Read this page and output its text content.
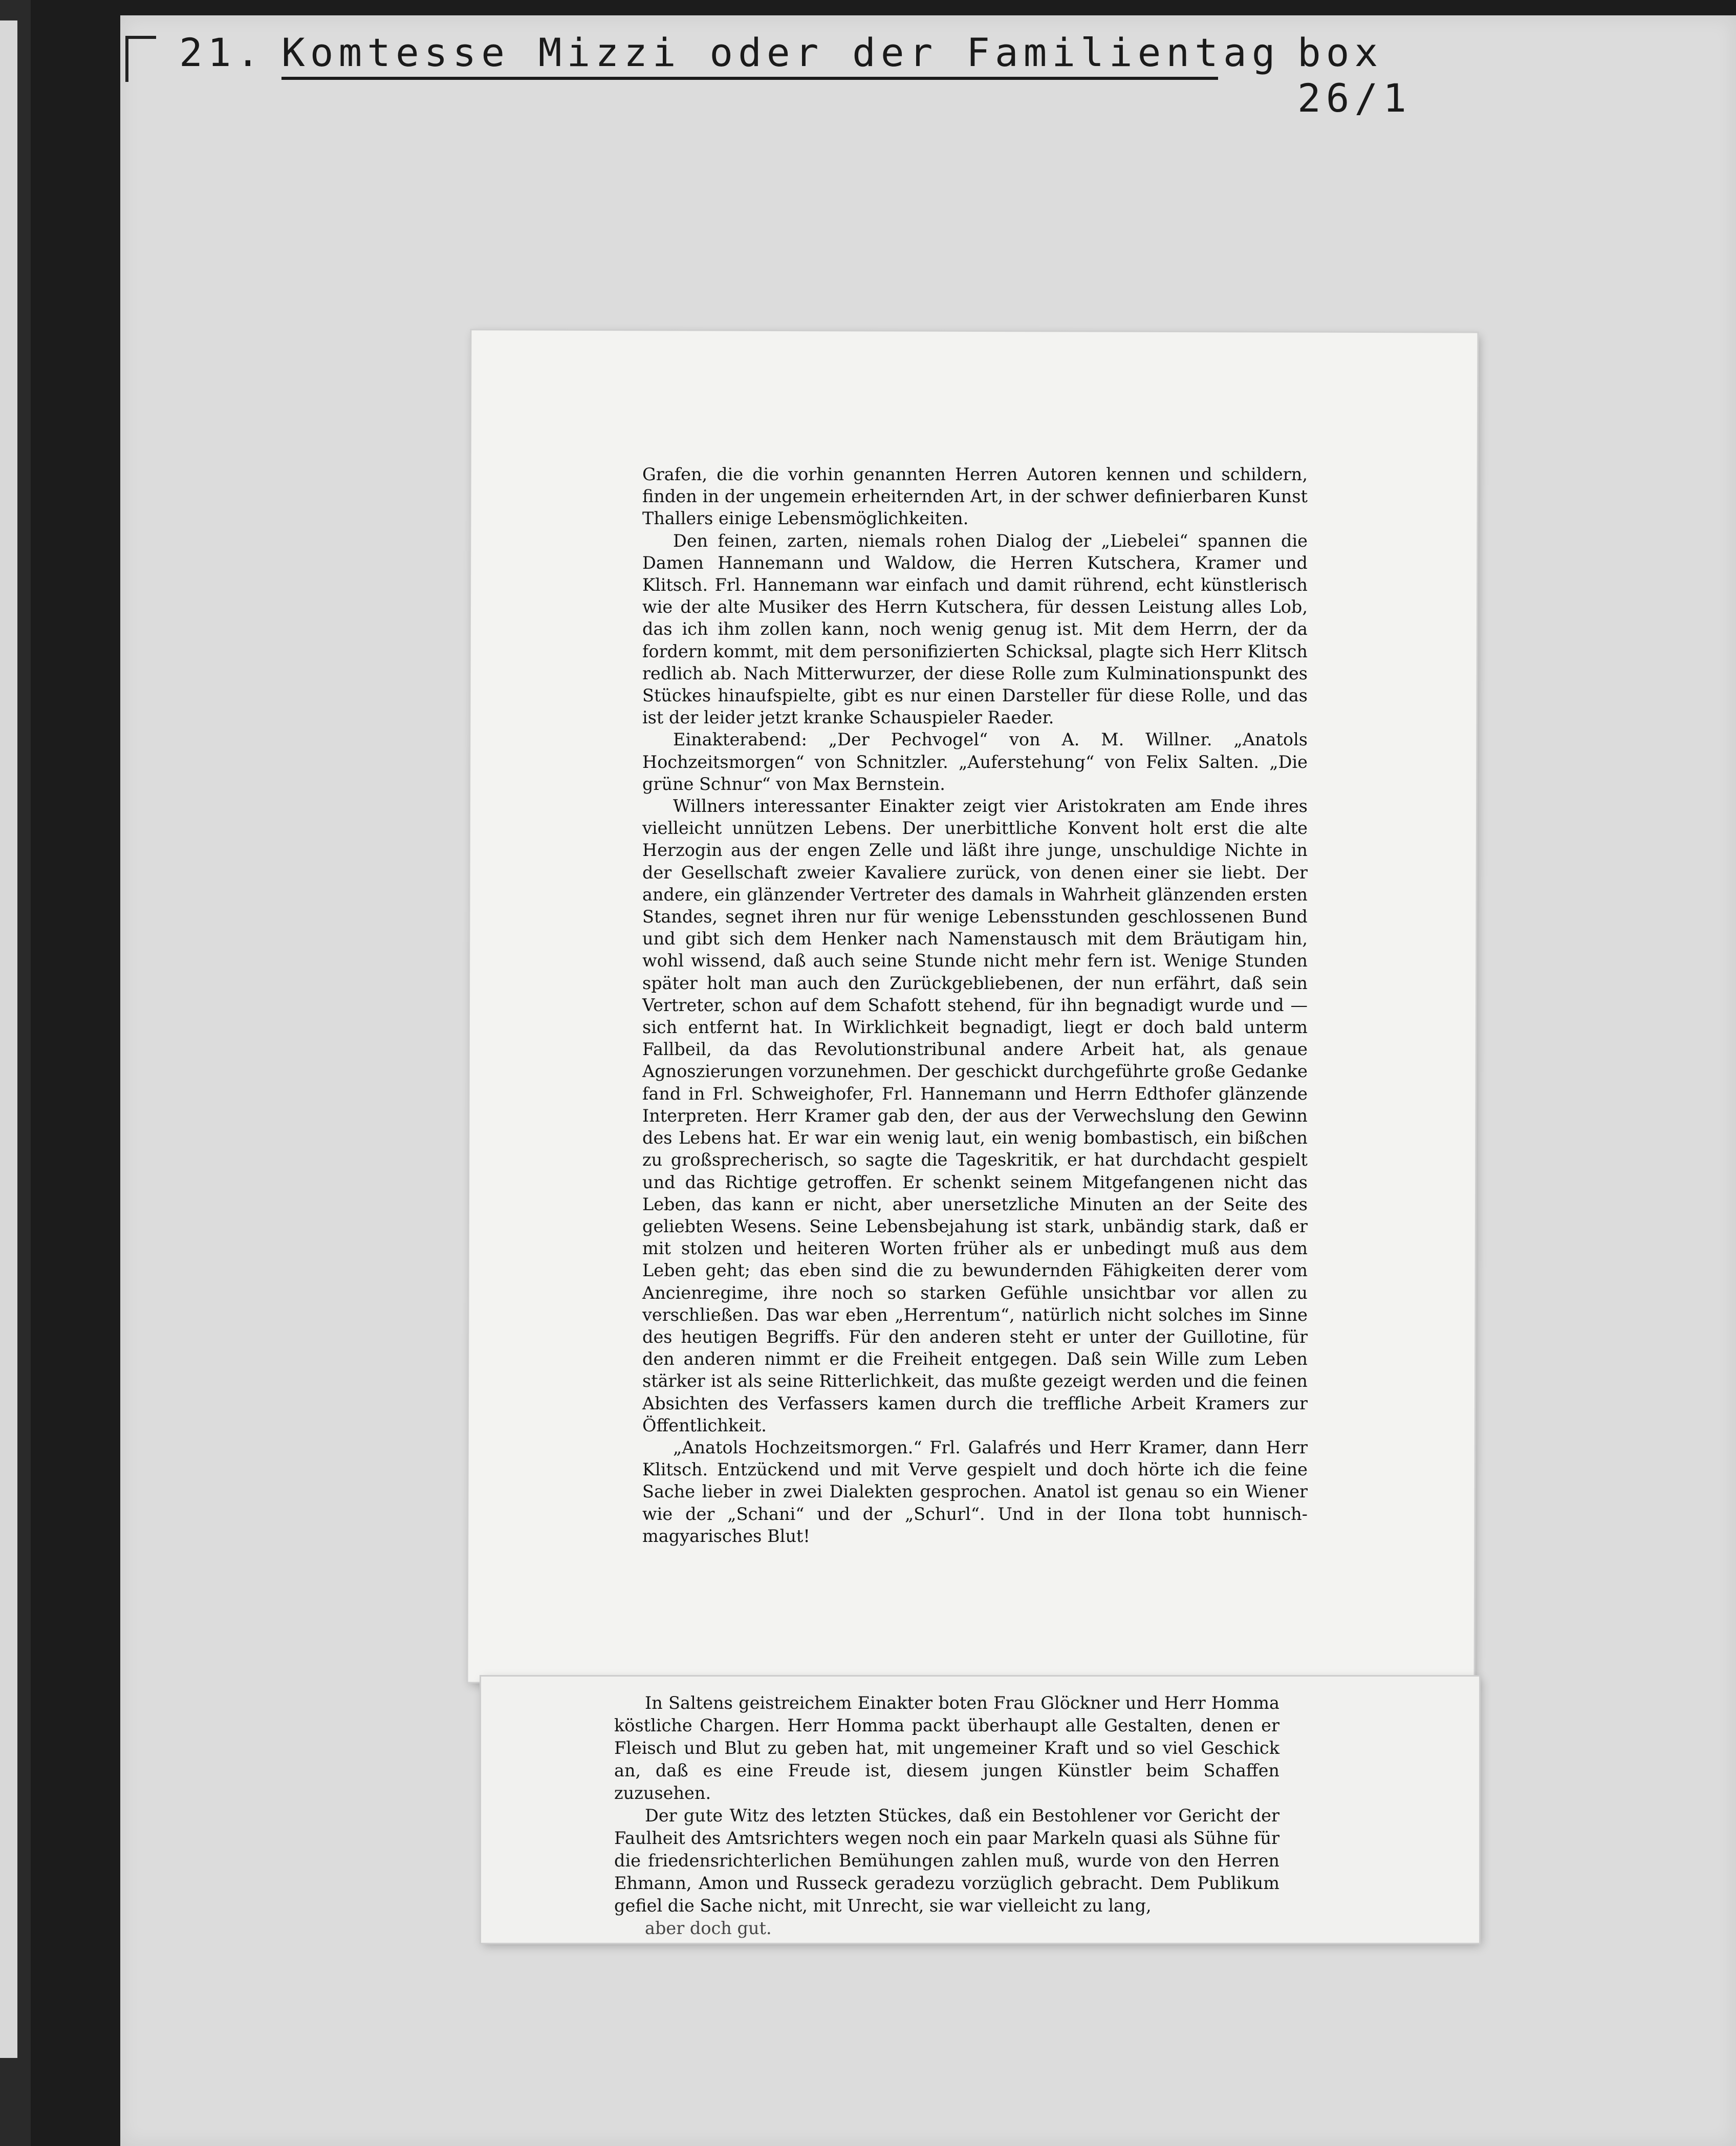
21. Komtesse Mizzi oder der Familientag box 26/1

Grafen, die die vorhin genannten Herren Autoren kennen und schildern, finden in der ungemein erheiternden Art, in der schwer definierbaren Kunst Thallers einige Lebensmöglichkeiten.

Den feinen, zarten, niemals rohen Dialog der „Liebelei“ spannen die Damen Hannemann und Waldow, die Herren Kutschera, Kramer und Klitsch. Frl. Hannemann war einfach und damit rührend, echt künstlerisch wie der alte Musiker des Herrn Kutschera, für dessen Leistung alles Lob, das ich ihm zollen kann, noch wenig genug ist. Mit dem Herrn, der da fordern kommt, mit dem personifizierten Schicksal, plagte sich Herr Klitsch redlich ab. Nach Mitterwurzer, der diese Rolle zum Kulminationspunkt des Stückes hinaufspielte, gibt es nur einen Darsteller für diese Rolle, und das ist der leider jetzt kranke Schauspieler Raeder.

Einakterabend: „Der Pechvogel“ von A. M. Willner. „Anatols Hochzeitsmorgen“ von Schnitzler. „Auferstehung“ von Felix Salten. „Die grüne Schnur“ von Max Bernstein.

Willners interessanter Einakter zeigt vier Aristokraten am Ende ihres vielleicht unnützen Lebens. Der unerbittliche Konvent holt erst die alte Herzogin aus der engen Zelle und läßt ihre junge, unschuldige Nichte in der Gesellschaft zweier Kavaliere zurück, von denen einer sie liebt. Der andere, ein glänzender Vertreter des damals in Wahrheit glänzenden ersten Standes, segnet ihren nur für wenige Lebensstunden geschlossenen Bund und gibt sich dem Henker nach Namenstausch mit dem Bräutigam hin, wohl wissend, daß auch seine Stunde nicht mehr fern ist. Wenige Stunden später holt man auch den Zurückgebliebenen, der nun erfährt, daß sein Vertreter, schon auf dem Schafott stehend, für ihn begnadigt wurde und — sich entfernt hat. In Wirklichkeit begnadigt, liegt er doch bald unterm Fallbeil, da das Revolutionstribunal andere Arbeit hat, als genaue Agnoszierungen vorzunehmen. Der geschickt durchgeführte große Gedanke fand in Frl. Schweighofer, Frl. Hannemann und Herrn Edthofer glänzende Interpreten. Herr Kramer gab den, der aus der Verwechslung den Gewinn des Lebens hat. Er war ein wenig laut, ein wenig bombastisch, ein bißchen zu großsprecherisch, so sagte die Tageskritik, er hat durchdacht gespielt und das Richtige getroffen. Er schenkt seinem Mitgefangenen nicht das Leben, das kann er nicht, aber unersetzliche Minuten an der Seite des geliebten Wesens. Seine Lebensbejahung ist stark, unbändig stark, daß er mit stolzen und heiteren Worten früher als er unbedingt muß aus dem Leben geht; das eben sind die zu bewundernden Fähigkeiten derer vom Ancienregime, ihre noch so starken Gefühle unsichtbar vor allen zu verschließen. Das war eben „Herrentum“, natürlich nicht solches im Sinne des heutigen Begriffs. Für den anderen steht er unter der Guillotine, für den anderen nimmt er die Freiheit entgegen. Daß sein Wille zum Leben stärker ist als seine Ritterlichkeit, das mußte gezeigt werden und die feinen Absichten des Verfassers kamen durch die treffliche Arbeit Kramers zur Öffentlichkeit.

„Anatols Hochzeitsmorgen.“ Frl. Galafrés und Herr Kramer, dann Herr Klitsch. Entzückend und mit Verve gespielt und doch hörte ich die feine Sache lieber in zwei Dialekten gesprochen. Anatol ist genau so ein Wiener wie der „Schani“ und der „Schurl“. Und in der Ilona tobt hunnisch-magyarisches Blut!

In Saltens geistreichem Einakter boten Frau Glöckner und Herr Homma köstliche Chargen. Herr Homma packt überhaupt alle Gestalten, denen er Fleisch und Blut zu geben hat, mit ungemeiner Kraft und so viel Geschick an, daß es eine Freude ist, diesem jungen Künstler beim Schaffen zuzusehen.

Der gute Witz des letzten Stückes, daß ein Bestohlener vor Gericht der Faulheit des Amtsrichters wegen noch ein paar Markeln quasi als Sühne für die friedensrichterlichen Bemühungen zahlen muß, wurde von den Herren Ehmann, Amon und Russeck geradezu vorzüglich gebracht. Dem Publikum gefiel die Sache nicht, mit Unrecht, sie war vielleicht zu lang,

aber doch gut.
